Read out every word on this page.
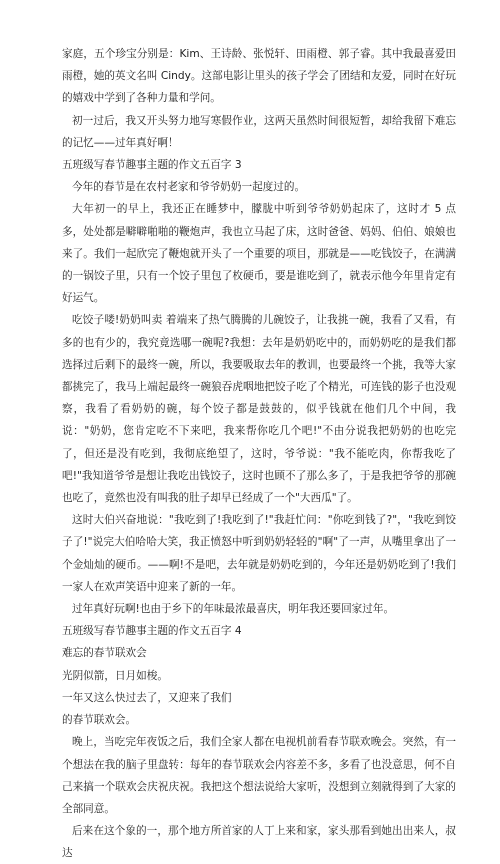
家庭，五个珍宝分别是：Kim、王诗龄、张悦轩、田雨橙、郭子睿。其中我最喜爱田雨橙，她的英文名叫 Cindy。这部电影让里头的孩子学会了团结和友爱，同时在好玩的嬉戏中学到了各种力量和学问。

初一过后，我又开头努力地写寒假作业，这两天虽然时间很短暂，却给我留下难忘的记忆——过年真好啊！

五班级写春节趣事主题的作文五百字 3

今年的春节是在农村老家和爷爷奶奶一起度过的。

大年初一的早上，我还正在睡梦中，朦胧中听到爷爷奶奶起床了，这时才 5 点多，处处都是噼噼啪啪的鞭炮声，我也立马起了床，这时爸爸、妈妈、伯伯、娘娘也来了。我们一起欣完了鞭炮就开头了一个重要的项目，那就是——吃钱饺子，在满满的一锅饺子里，只有一个饺子里包了枚硬币，要是谁吃到了，就表示他今年里肯定有好运气。

吃饺子喽!奶奶叫卖 着端来了热气腾腾的儿碗饺子，让我挑一碗，我看了又看，有多的也有少的，我究竟选哪一碗呢?我想：去年是奶奶吃中的，而奶奶吃的是我们都选择过后剩下的最终一碗，所以，我要吸取去年的教训，也要最终一个挑，我等大家都挑完了，我马上端起最终一碗狼吞虎咽地把饺子吃了个精光，可连钱的影子也没观察，我看了看奶奶的碗，每个饺子都是鼓鼓的，似乎钱就在他们几个中间，我说："奶奶，您肯定吃不下来吧，我来帮你吃几个吧!"不由分说我把奶奶的也吃完了，但还是没有吃到，我彻底绝望了，这时，爷爷说："我不能吃肉，你帮我吃了吧!"我知道爷爷是想让我吃出钱饺子，这时也顾不了那么多了，于是我把爷爷的那碗也吃了，竟然也没有叫我的肚子却早已经成了一个"大西瓜"了。

这时大伯兴奋地说："我吃到了!我吃到了!"我赶忙问："你吃到钱了?"，"我吃到饺子了!"说完大伯哈哈大笑，我正愤怒中听到奶奶轻轻的"啊"了一声，从嘴里拿出了一个金灿灿的硬币。——啊!不是吧，去年就是奶奶吃到的，今年还是奶奶吃到了!我们一家人在欢声笑语中迎来了新的一年。

过年真好玩啊!也由于乡下的年味最浓最喜庆，明年我还要回家过年。

五班级写春节趣事主题的作文五百字 4

难忘的春节联欢会

光阴似箭，日月如梭。

一年又这么快过去了，又迎来了我们

的春节联欢会。

晚上，当吃完年夜饭之后，我们全家人都在电视机前看春节联欢晚会。突然，有一个想法在我的脑子里盘转：每年的春节联欢会内容差不多，多看了也没意思，何不自己来搞一个联欢会庆祝庆祝。我把这个想法说给大家听，没想到立刻就得到了大家的全部同意。

后来在这个象的一，那个地方所首家的人丁上来和家，家头那看到她出出来人，叔达
